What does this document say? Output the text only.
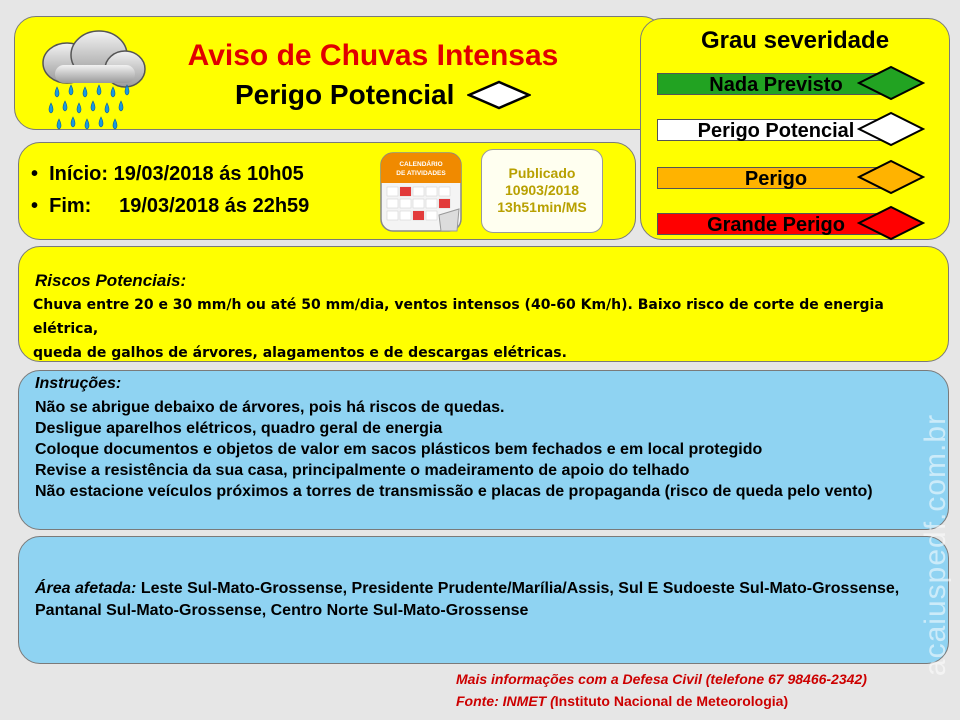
Aviso de Chuvas Intensas
Perigo Potencial
Grau severidade
Nada Previsto
Perigo Potencial
Perigo
Grande Perigo
•  Início: 19/03/2018 ás 10h05
•  Fim:     19/03/2018 ás 22h59
CALENDÁRIO
DE ATIVIDADES	Publicado
10903/2018
13h51min/MS
Riscos Potenciais:
Chuva entre 20 e 30 mm/h ou até 50 mm/dia, ventos intensos (40-60 Km/h). Baixo risco de corte de energia elétrica,
queda de galhos de árvores, alagamentos e de descargas elétricas.
Instruções:
Não se abrigue debaixo de árvores, pois há riscos de quedas.
Desligue aparelhos elétricos, quadro geral de energia
Coloque documentos e objetos de valor em sacos plásticos bem fechados e em local protegido
Revise a resistência da sua casa, principalmente o madeiramento de apoio do telhado
Não estacione veículos próximos a torres de transmissão e placas de propaganda (risco de queda pelo vento)
Área afetada: Leste Sul-Mato-Grossense, Presidente Prudente/Marília/Assis, Sul E Sudoeste Sul-Mato-Grossense, Pantanal Sul-Mato-Grossense, Centro Norte Sul-Mato-Grossense
Mais informações com a Defesa Civil (telefone 67 98466-2342)
Fonte: INMET (Instituto Nacional de Meteorologia)
acaiuspedf.com.br
